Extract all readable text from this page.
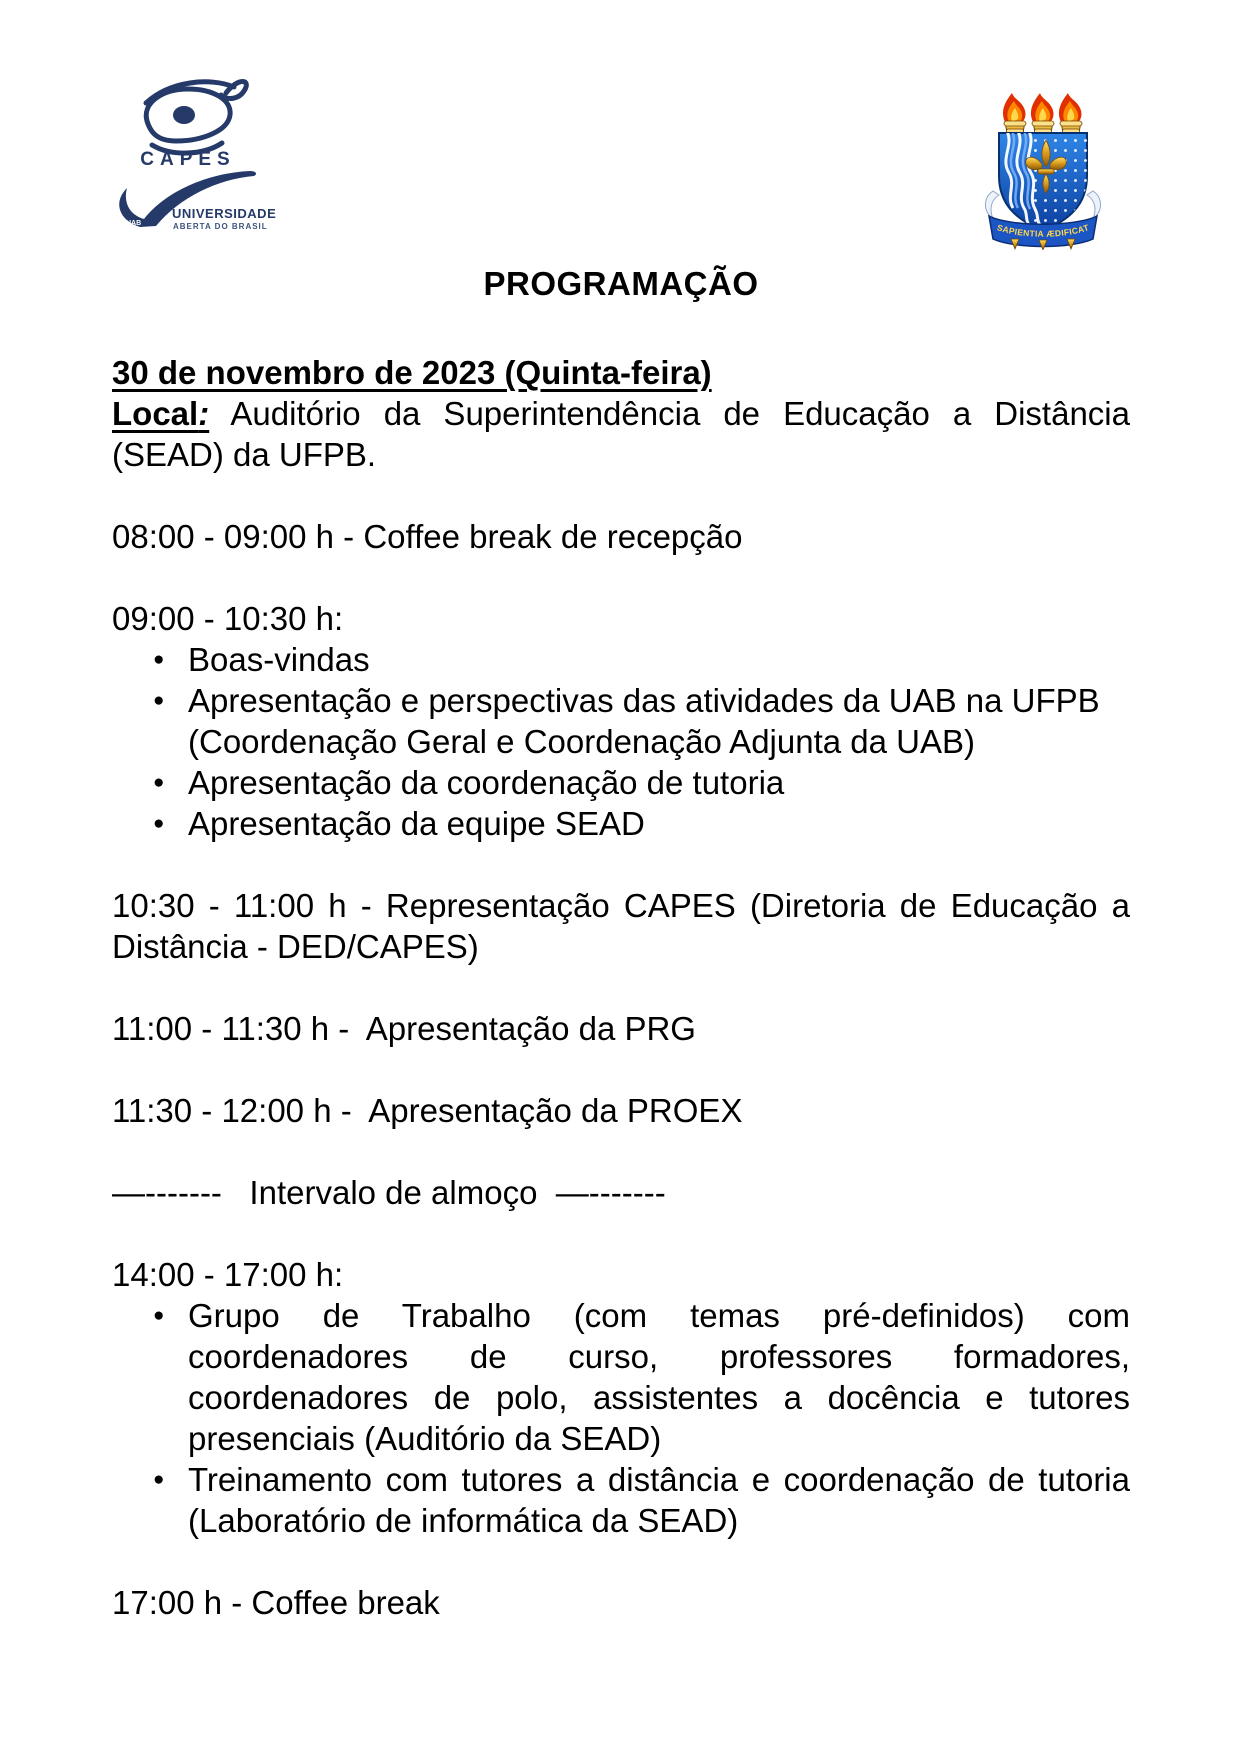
CAPES
UAB
UNIVERSIDADE
ABERTA DO BRASIL	SAPIENTIA ÆDIFICAT

PROGRAMAÇÃO

30 de novembro de 2023 (Quinta-feira)

Local: Auditório da Superintendência de Educação a Distância (SEAD) da UFPB.

08:00 - 09:00 h - Coffee break de recepção

09:00 - 10:30 h:

● Boas-vindas
● Apresentação e perspectivas das atividades da UAB na UFPB (Coordenação Geral e Coordenação Adjunta da UAB)
● Apresentação da coordenação de tutoria
● Apresentação da equipe SEAD

10:30 - 11:00 h - Representação CAPES (Diretoria de Educação a Distância - DED/CAPES)

11:00 - 11:30 h -  Apresentação da PRG

11:30 - 12:00 h -  Apresentação da PROEX

—-------   Intervalo de almoço  —-------

14:00 - 17:00 h:

● Grupo de Trabalho (com temas pré-definidos) com coordenadores de curso, professores formadores, coordenadores de polo, assistentes a docência e tutores presenciais (Auditório da SEAD)
● Treinamento com tutores a distância e coordenação de tutoria (Laboratório de informática da SEAD)

17:00 h - Coffee break
